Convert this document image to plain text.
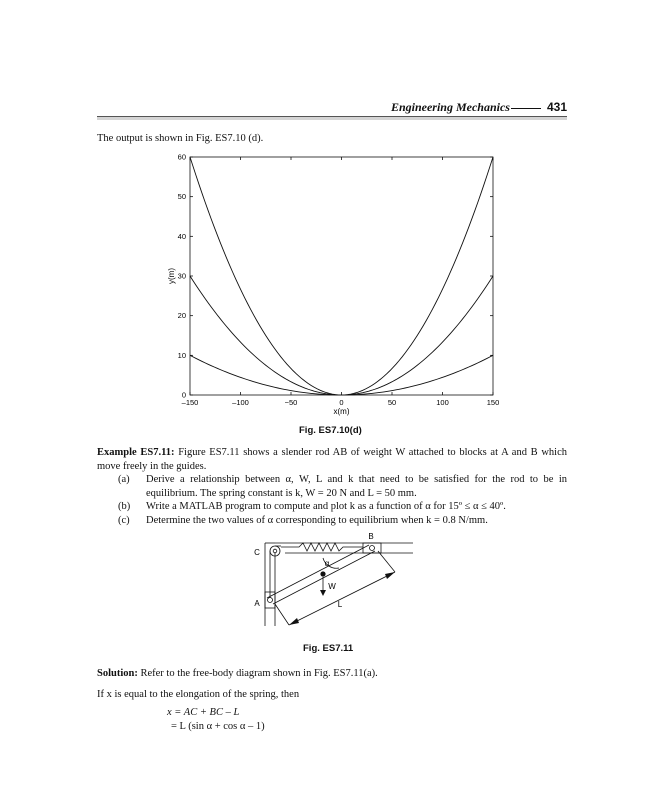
Engineering Mechanics	431
The output is shown in Fig. ES7.10 (d).
–150	–100	−50	0	50	100	150
0
10
20
30
40
50
60
x(m)
y(m)
Fig. ES7.10(d)
Example ES7.11: Figure ES7.11 shows a slender rod AB of weight W attached to blocks at A and B which move freely in the guides.
(a)	Derive a relationship between α, W, L and k that need to be satisfied for the rod to be in equilibrium. The spring constant is k, W = 20 N and L = 50 mm.
(b)	Write a MATLAB program to compute and plot k as a function of α for 15º ≤ α ≤ 40º.
(c)	Determine the two values of α corresponding to equilibrium when k = 0.8 N/mm.
B
C
A
W
L
α
Fig. ES7.11
Solution: Refer to the free-body diagram shown in Fig. ES7.11(a).
If x is equal to the elongation of the spring, then
x = AC + BC – L
= L (sin α + cos α – 1)
